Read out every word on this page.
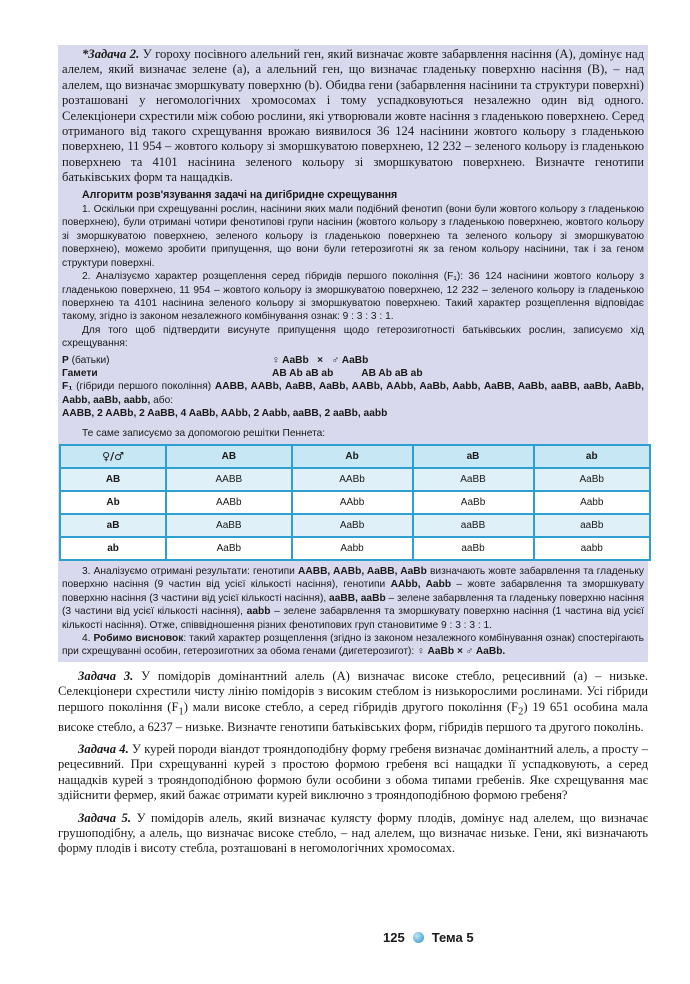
*Задача 2. У гороху посівного алельний ген, який визначає жовте забарвлення насіння (А), домінує над алелем, який визначає зелене (а), а алельний ген, що визначає гладеньку поверхню насіння (В), – над алелем, що визначає зморшкувату поверхню (b). Обидва гени (забарвлення насінини та структури поверхні) розташовані у негомологічних хромосомах і тому успадковуються незалежно один від одного. Селекціонери схрестили між собою рослини, які утворювали жовте насіння з гладенькою поверхнею. Серед отриманого від такого схрещування врожаю виявилося 36 124 насінини жовтого кольору з гладенькою поверхнею, 11 954 – жовтого кольору зі зморшкуватою поверхнею, 12 232 – зеленого кольору із гладенькою поверхнею та 4101 насінина зеленого кольору зі зморшкуватою поверхнею. Визначте генотипи батьківських форм та нащадків.

Алгоритм розв'язування задачі на дигібридне схрещування

1. Оскільки при схрещуванні рослин, насінини яких мали подібний фенотип (вони були жовтого кольору з гладенькою поверхнею), були отримані чотири фенотипові групи насінин (жовтого кольору з гладенькою поверхнею, жовтого кольору зі зморшкуватою поверхнею, зеленого кольору із гладенькою поверхнею та зеленого кольору зі зморшкуватою поверхнею), можемо зробити припущення, що вони були гетерозиготні як за геном кольору насінини, так і за геном структури поверхні.

2. Аналізуємо характер розщеплення серед гібридів першого покоління (F₁): 36 124 насінини жовтого кольору з гладенькою поверхнею, 11 954 – жовтого кольору із зморшкуватою поверхнею, 12 232 – зеленого кольору із гладенькою поверхнею та 4101 насінина зеленого кольору зі зморшкуватою поверхнею. Такий характер розщеплення відповідає такому, згідно із законом незалежного комбінування ознак: 9 : 3 : 3 : 1.

Для того щоб підтвердити висунуте припущення щодо гетерозиготності батьківських рослин, записуємо хід схрещування:

P (батьки)	♀ AaBb   ×   ♂ AaBb
Гамети	AB Ab aB ab          AB Ab aB ab
F₁ (гібриди першого покоління) AABB, AABb, AaBB, AaBb, AABb, AAbb, AaBb, Aabb, AaBB, AaBb, aaBB, aaBb, AaBb, Aabb, aaBb, aabb, або:
AABB, 2 AABb, 2 AaBB, 4 AaBb, AAbb, 2 Aabb, aaBB, 2 aaBb, aabb

Те саме записуємо за допомогою решітки Пеннета:

♀/♂	AB	Ab	aB	ab
AB	AABB	AABb	AaBB	AaBb
Ab	AABb	AAbb	AaBb	Aabb
aB	AaBB	AaBb	aaBB	aaBb
ab	AaBb	Aabb	aaBb	aabb

3. Аналізуємо отримані результати: генотипи AABB, AABb, AaBB, AaBb визначають жовте забарвлення та гладеньку поверхню насіння (9 частин від усієї кількості насіння), генотипи AAbb, Aabb – жовте забарвлення та зморшкувату поверхню насіння (3 частини від усієї кількості насіння), aaBB, aaBb – зелене забарвлення та гладеньку поверхню насіння (3 частини від усієї кількості насіння), aabb – зелене забарвлення та зморшкувату поверхню насіння (1 частина від усієї кількості насіння). Отже, співвідношення різних фенотипових груп становитиме 9 : 3 : 3 : 1.

4. Робимо висновок: такий характер розщеплення (згідно із законом незалежного комбінування ознак) спостерігають при схрещуванні особин, гетерозиготних за обома генами (дигетерозигот): ♀ AaBb × ♂ AaBb.

Задача 3. У помідорів домінантний алель (А) визначає високе стебло, рецесивний (а) – низьке. Селекціонери схрестили чисту лінію помідорів з високим стеблом із низькорослими рослинами. Усі гібриди першого покоління $(F_1)$ мали високе стебло, а серед гібридів другого покоління $(F_2)$ 19 651 особина мала високе стебло, а 6237 – низьке. Визначте генотипи батьківських форм, гібридів першого та другого поколінь.

Задача 4. У курей породи віандот трояндоподібну форму гребеня визначає домінантний алель, а просту – рецесивний. При схрещуванні курей з простою формою гребеня всі нащадки її успадковують, а серед нащадків курей з трояндоподібною формою були особини з обома типами гребенів. Яке схрещування має здійснити фермер, який бажає отримати курей виключно з трояндоподібною формою гребеня?

Задача 5. У помідорів алель, який визначає кулясту форму плодів, домінує над алелем, що визначає грушоподібну, а алель, що визначає високе стебло, – над алелем, що визначає низьке. Гени, які визначають форму плодів і висоту стебла, розташовані в негомологічних хромосомах.

125 Тема 5
